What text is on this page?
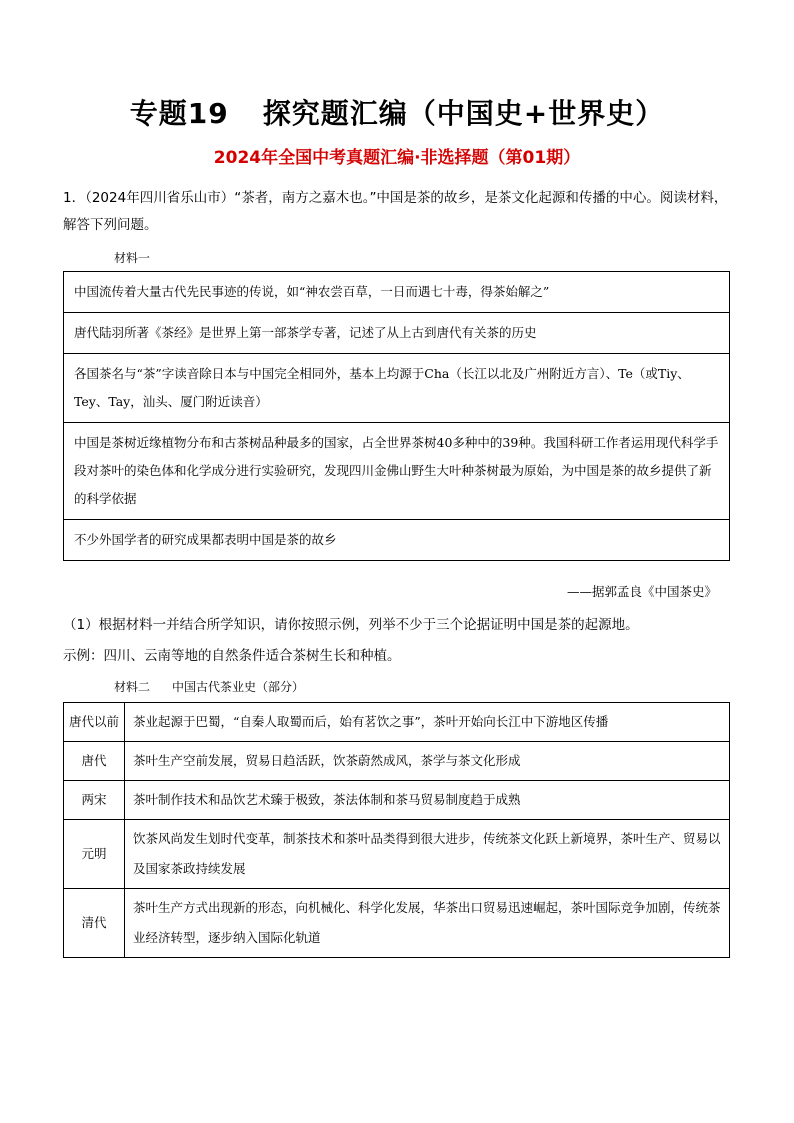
专题19 探究题汇编（中国史+世界史）
2024年全国中考真题汇编·非选择题（第01期）
1．（2024年四川省乐山市）“茶者，南方之嘉木也。”中国是茶的故乡，是茶文化起源和传播的中心。阅读材料，解答下列问题。
材料一
中国流传着大量古代先民事迹的传说，如“神农尝百草，一日而遇七十毒，得茶始解之”
唐代陆羽所著《茶经》是世界上第一部茶学专著，记述了从上古到唐代有关茶的历史
各国茶名与“茶”字读音除日本与中国完全相同外，基本上均源于Cha（长江以北及广州附近方言）、Te（或Tiy、Tey、Tay，汕头、厦门附近读音）
中国是茶树近缘植物分布和古茶树品种最多的国家，占全世界茶树40多种中的39种。我国科研工作者运用现代科学手段对茶叶的染色体和化学成分进行实验研究，发现四川金佛山野生大叶种茶树最为原始，为中国是茶的故乡提供了新的科学依据
不少外国学者的研究成果都表明中国是茶的故乡
——据郭孟良《中国茶史》
（1）根据材料一并结合所学知识，请你按照示例，列举不少于三个论据证明中国是茶的起源地。
示例：四川、云南等地的自然条件适合茶树生长和种植。
材料二 中国古代茶业史（部分）
唐代以前	茶业起源于巴蜀，“自秦人取蜀而后，始有茗饮之事”，茶叶开始向长江中下游地区传播
唐代	茶叶生产空前发展，贸易日趋活跃，饮茶蔚然成风，茶学与茶文化形成
两宋	茶叶制作技术和品饮艺术臻于极致，茶法体制和茶马贸易制度趋于成熟
元明	饮茶风尚发生划时代变革，制茶技术和茶叶品类得到很大进步，传统茶文化跃上新境界，茶叶生产、贸易以及国家茶政持续发展
清代	茶叶生产方式出现新的形态，向机械化、科学化发展，华茶出口贸易迅速崛起，茶叶国际竞争加剧，传统茶业经济转型，逐步纳入国际化轨道
